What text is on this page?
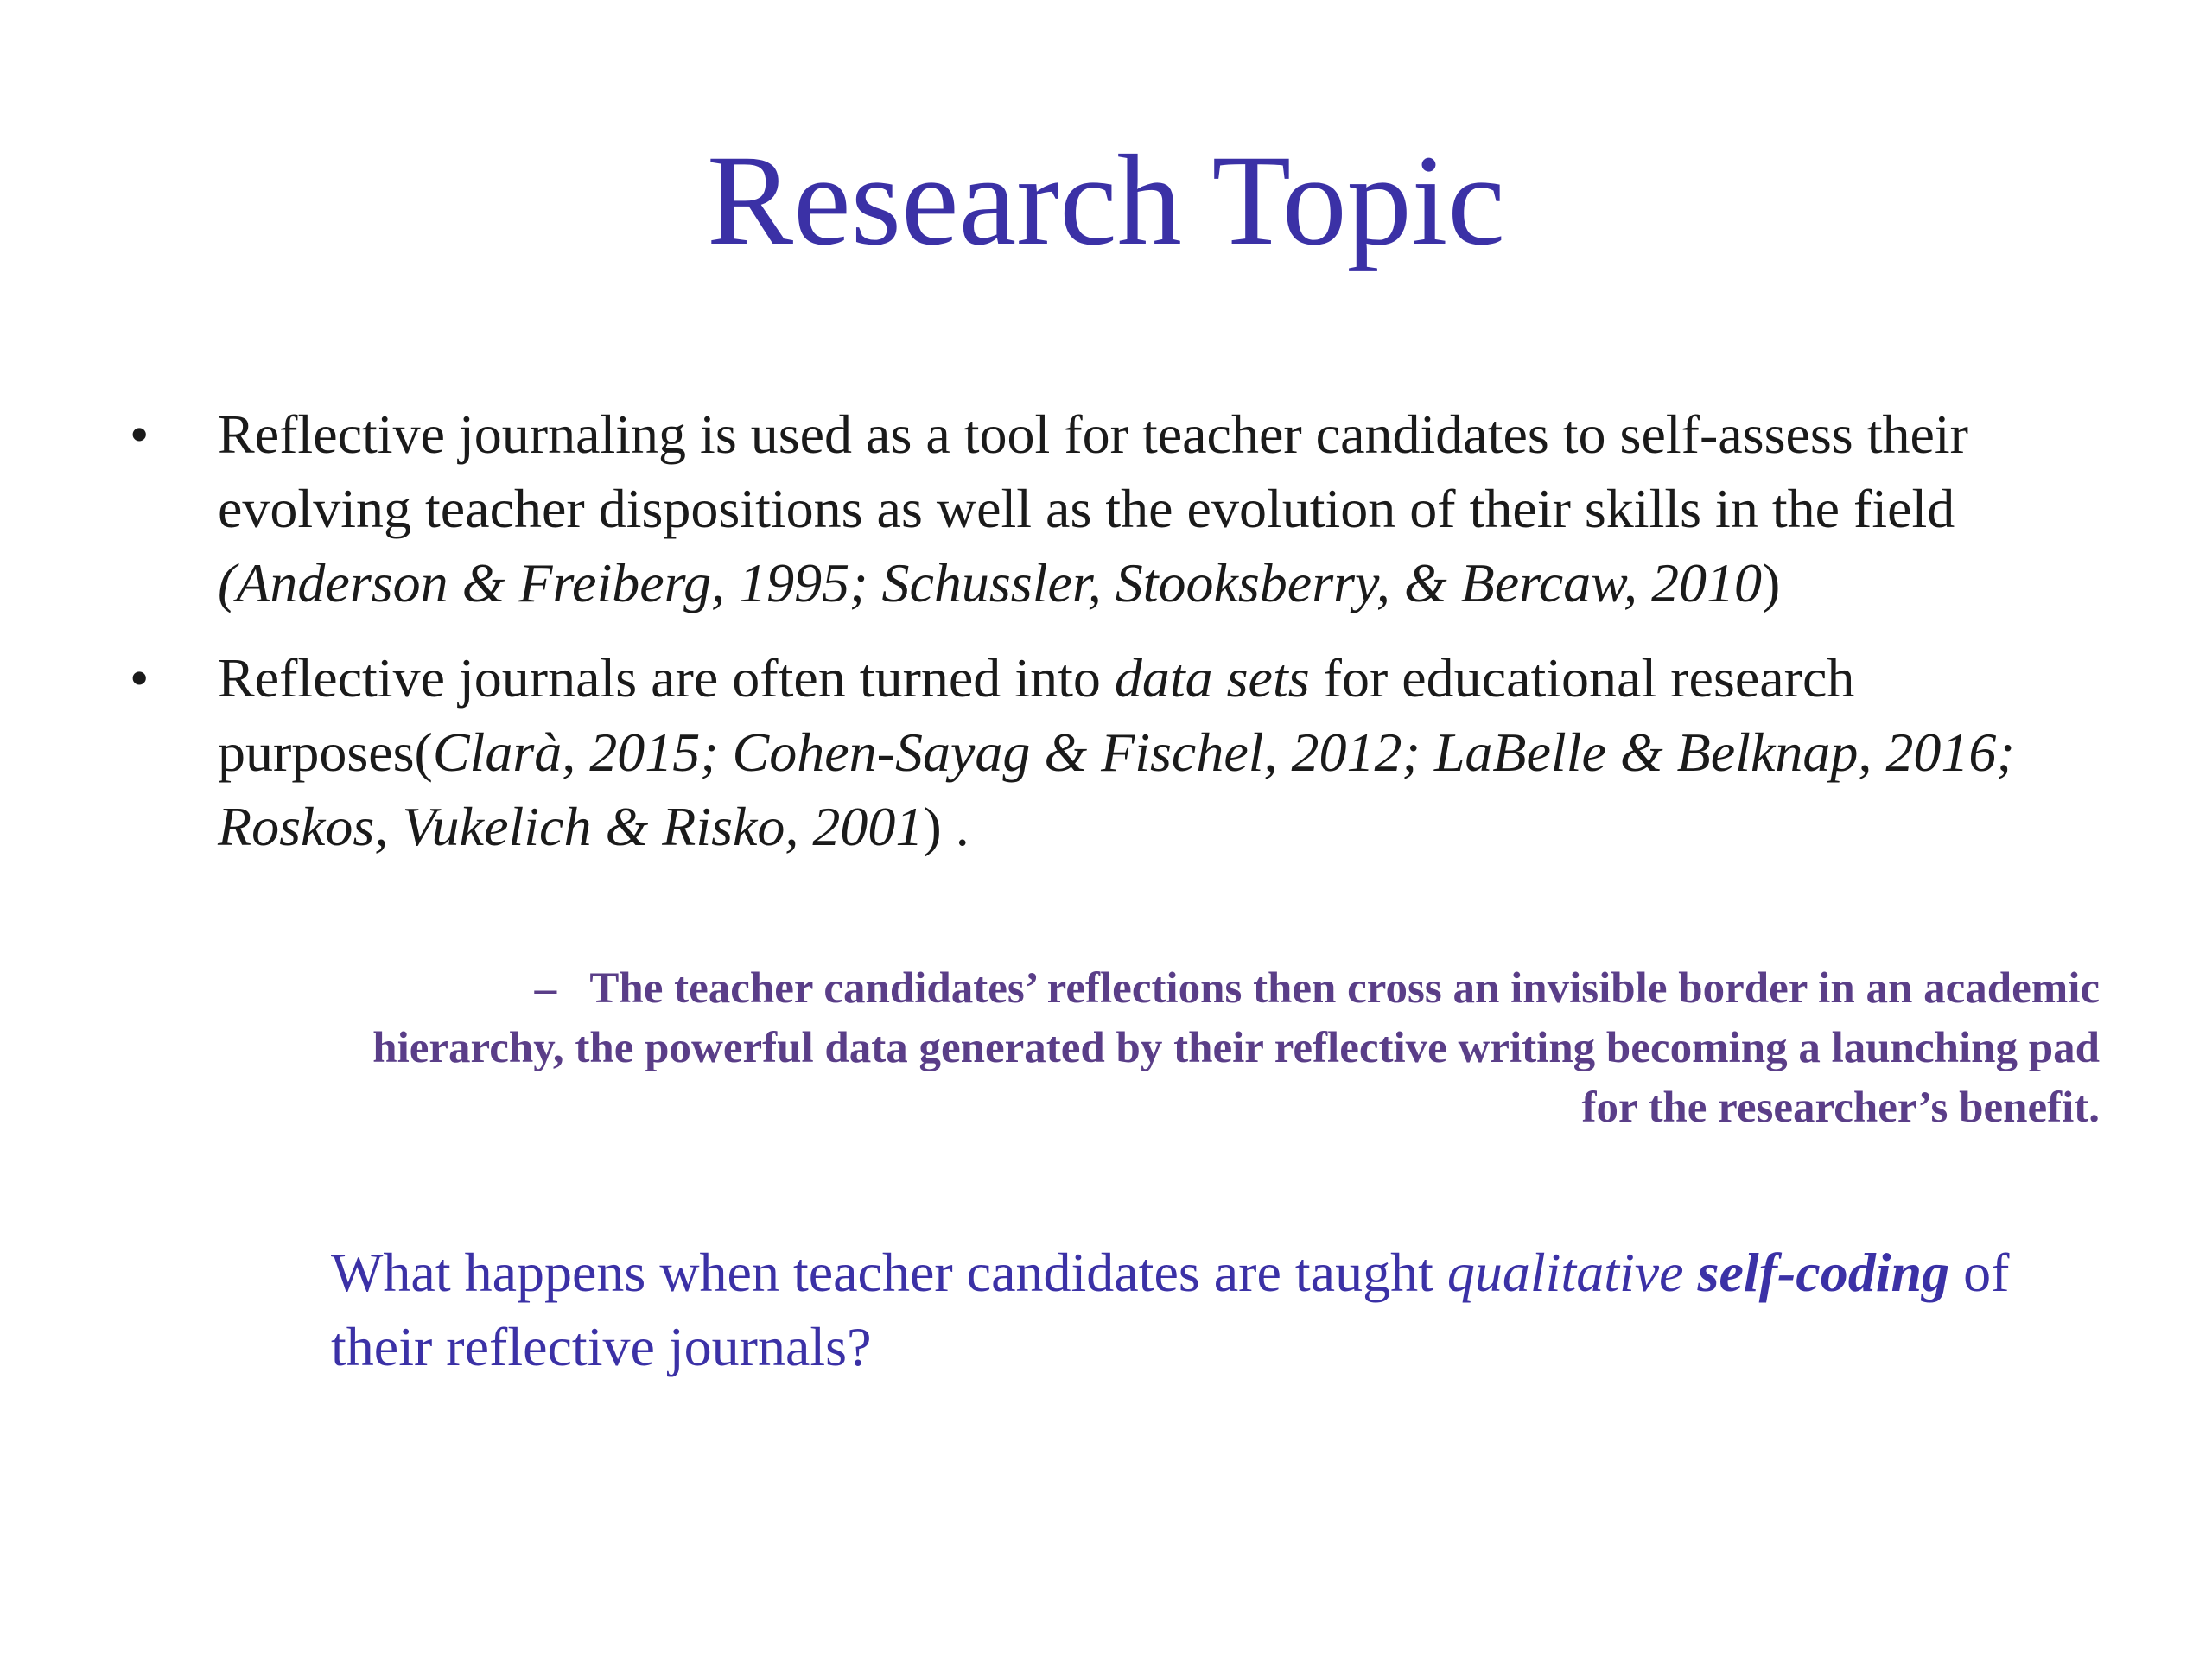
Research Topic
• Reflective journaling is used as a tool for teacher candidates to self-assess their evolving teacher dispositions as well as the evolution of their skills in the field (Anderson & Freiberg, 1995; Schussler, Stooksberry, & Bercaw, 2010)
• Reflective journals are often turned into data sets for educational research purposes(Clarà, 2015; Cohen-Sayag & Fischel, 2012; LaBelle & Belknap, 2016; Roskos, Vukelich & Risko, 2001) .
– The teacher candidates’ reflections then cross an invisible border in an academic hierarchy, the powerful data generated by their reflective writing becoming a launching pad for the researcher’s benefit.
What happens when teacher candidates are taught qualitative self-coding of their reflective journals?
